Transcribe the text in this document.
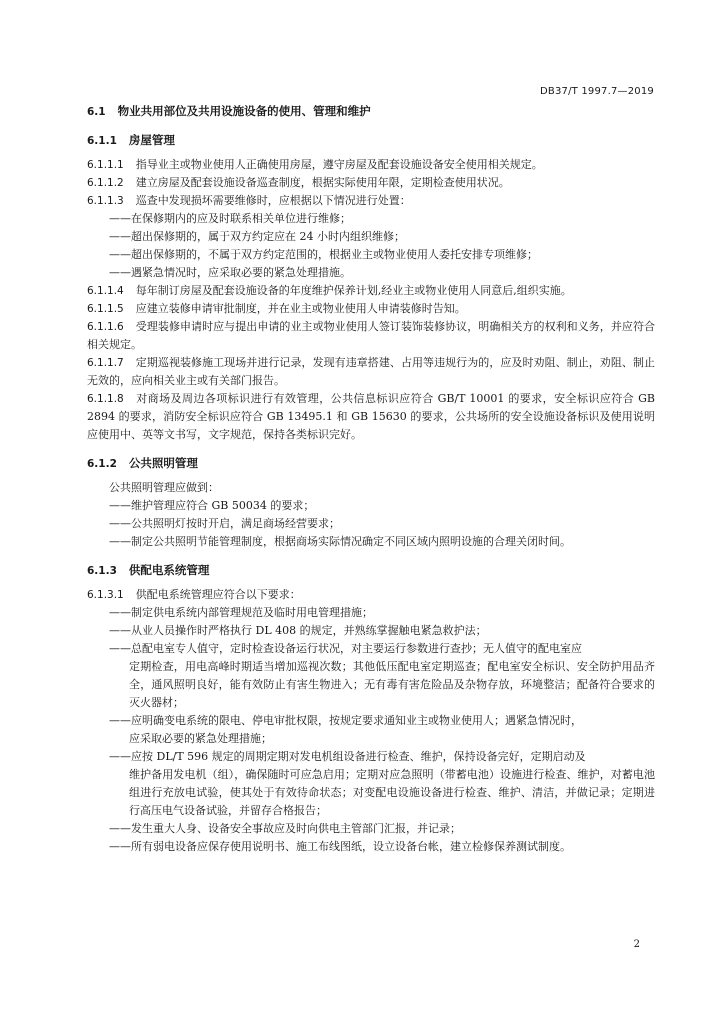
DB37/T 1997.7—2019

6.1 物业共用部位及共用设施设备的使用、管理和维护

6.1.1 房屋管理

6.1.1.1 指导业主或物业使用人正确使用房屋，遵守房屋及配套设施设备安全使用相关规定。

6.1.1.2 建立房屋及配套设施设备巡查制度，根据实际使用年限，定期检查使用状况。

6.1.1.3 巡查中发现损坏需要维修时，应根据以下情况进行处置：

——在保修期内的应及时联系相关单位进行维修；

——超出保修期的，属于双方约定应在 24 小时内组织维修；

——超出保修期的，不属于双方约定范围的，根据业主或物业使用人委托安排专项维修；

——遇紧急情况时，应采取必要的紧急处理措施。

6.1.1.4 每年制订房屋及配套设施设备的年度维护保养计划,经业主或物业使用人同意后,组织实施。

6.1.1.5 应建立装修申请审批制度，并在业主或物业使用人申请装修时告知。

6.1.1.6 受理装修申请时应与提出申请的业主或物业使用人签订装饰装修协议，明确相关方的权利和义务，并应符合相关规定。

6.1.1.7 定期巡视装修施工现场并进行记录，发现有违章搭建、占用等违规行为的，应及时劝阻、制止，劝阻、制止无效的，应向相关业主或有关部门报告。

6.1.1.8 对商场及周边各项标识进行有效管理，公共信息标识应符合 GB/T 10001 的要求，安全标识应符合 GB 2894 的要求，消防安全标识应符合 GB 13495.1 和 GB 15630 的要求，公共场所的安全设施设备标识及使用说明应使用中、英等文书写，文字规范，保持各类标识完好。

6.1.2 公共照明管理

公共照明管理应做到：

——维护管理应符合 GB 50034 的要求；

——公共照明灯按时开启，满足商场经营要求；

——制定公共照明节能管理制度，根据商场实际情况确定不同区域内照明设施的合理关闭时间。

6.1.3 供配电系统管理

6.1.3.1 供配电系统管理应符合以下要求：

——制定供电系统内部管理规范及临时用电管理措施；

——从业人员操作时严格执行 DL 408 的规定，并熟练掌握触电紧急救护法；

——总配电室专人值守，定时检查设备运行状况，对主要运行参数进行查抄；无人值守的配电室应
定期检查，用电高峰时期适当增加巡视次数；其他低压配电室定期巡查；配电室安全标识、安全防护用品齐全，通风照明良好，能有效防止有害生物进入；无有毒有害危险品及杂物存放，环境整洁；配备符合要求的灭火器材；

——应明确变电系统的限电、停电审批权限，按规定要求通知业主或物业使用人；遇紧急情况时，
应采取必要的紧急处理措施；

——应按 DL/T 596 规定的周期定期对发电机组设备进行检查、维护，保持设备完好，定期启动及
维护备用发电机（组），确保随时可应急启用；定期对应急照明（带蓄电池）设施进行检查、维护，对蓄电池组进行充放电试验，使其处于有效待命状态；对变配电设施设备进行检查、维护、清洁，并做记录；定期进行高压电气设备试验，并留存合格报告；

——发生重大人身、设备安全事故应及时向供电主管部门汇报，并记录；

——所有弱电设备应保存使用说明书、施工布线图纸，设立设备台帐，建立检修保养测试制度。

2
